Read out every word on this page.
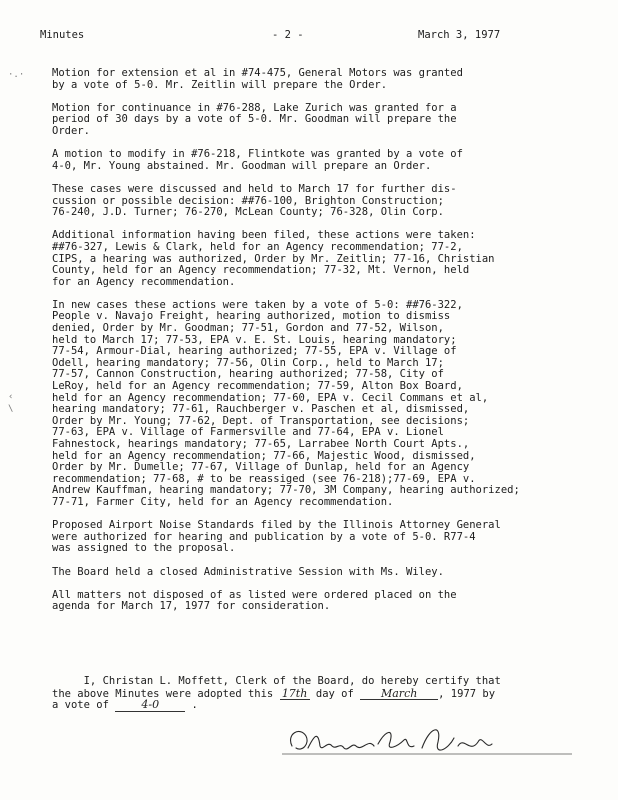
Minutes	- 2 -	March 3, 1977
·.·
‹
\

Motion for extension et al in #74-475, General Motors was granted
by a vote of 5-0. Mr. Zeitlin will prepare the Order.

Motion for continuance in #76-288, Lake Zurich was granted for a
period of 30 days by a vote of 5-0. Mr. Goodman will prepare the
Order.

A motion to modify in #76-218, Flintkote was granted by a vote of
4-0, Mr. Young abstained. Mr. Goodman will prepare an Order.

These cases were discussed and held to March 17 for further dis-
cussion or possible decision: ##76-100, Brighton Construction;
76-240, J.D. Turner; 76-270, McLean County; 76-328, Olin Corp.

Additional information having been filed, these actions were taken:
##76-327, Lewis & Clark, held for an Agency recommendation; 77-2,
CIPS, a hearing was authorized, Order by Mr. Zeitlin; 77-16, Christian
County, held for an Agency recommendation; 77-32, Mt. Vernon, held
for an Agency recommendation.

In new cases these actions were taken by a vote of 5-0: ##76-322,
People v. Navajo Freight, hearing authorized, motion to dismiss
denied, Order by Mr. Goodman; 77-51, Gordon and 77-52, Wilson,
held to March 17; 77-53, EPA v. E. St. Louis, hearing mandatory;
77-54, Armour-Dial, hearing authorized; 77-55, EPA v. Village of
Odell, hearing mandatory; 77-56, Olin Corp., held to March 17;
77-57, Cannon Construction, hearing authorized; 77-58, City of
LeRoy, held for an Agency recommendation; 77-59, Alton Box Board,
held for an Agency recommendation; 77-60, EPA v. Cecil Commans et al,
hearing mandatory; 77-61, Rauchberger v. Paschen et al, dismissed,
Order by Mr. Young; 77-62, Dept. of Transportation, see decisions;
77-63, EPA v. Village of Farmersville and 77-64, EPA v. Lionel
Fahnestock, hearings mandatory; 77-65, Larrabee North Court Apts.,
held for an Agency recommendation; 77-66, Majestic Wood, dismissed,
Order by Mr. Dumelle; 77-67, Village of Dunlap, held for an Agency
recommendation; 77-68, # to be reassiged (see 76-218);77-69, EPA v.
Andrew Kauffman, hearing mandatory; 77-70, 3M Company, hearing authorized;
77-71, Farmer City, held for an Agency recommendation.

Proposed Airport Noise Standards filed by the Illinois Attorney General
were authorized for hearing and publication by a vote of 5-0. R77-4
was assigned to the proposal.

The Board held a closed Administrative Session with Ms. Wiley.

All matters not disposed of as listed were ordered placed on the
agenda for March 17, 1977 for consideration.

I, Christan L. Moffett, Clerk of the Board, do hereby certify that
the above Minutes were adopted this 17th day of March , 1977 by
a vote of 4-0 .
